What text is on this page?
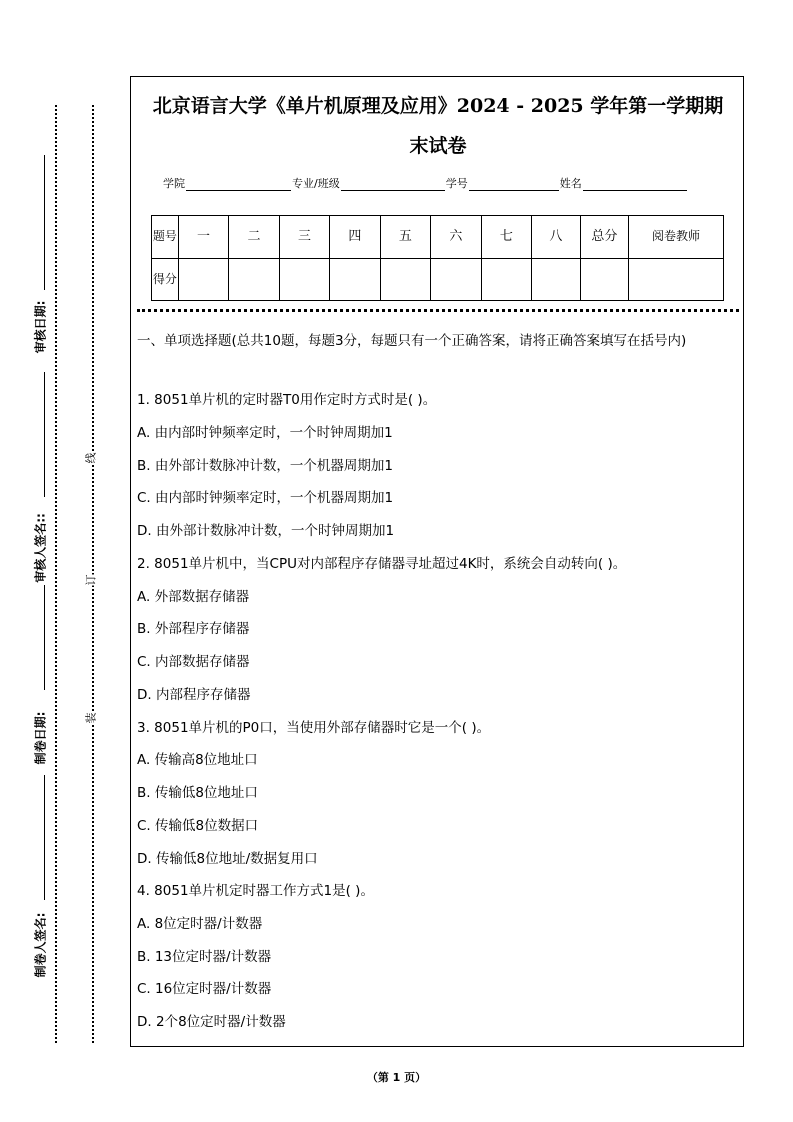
审核日期:
审核人签名::
制卷日期:
制卷人签名:
线
订
装
北京语言大学《单片机原理及应用》2024 - 2025 学年第一学期期
末试卷
学院	专业/班级	学号	姓名
题号	一	二	三	四	五	六	七	八	总分	阅卷教师
得分										
一、单项选择题(总共10题，每题3分，每题只有一个正确答案，请将正确答案填写在括号内)
1. 8051单片机的定时器T0用作定时方式时是( )。
A. 由内部时钟频率定时，一个时钟周期加1
B. 由外部计数脉冲计数，一个机器周期加1
C. 由内部时钟频率定时，一个机器周期加1
D. 由外部计数脉冲计数，一个时钟周期加1
2. 8051单片机中，当CPU对内部程序存储器寻址超过4K时，系统会自动转向( )。
A. 外部数据存储器
B. 外部程序存储器
C. 内部数据存储器
D. 内部程序存储器
3. 8051单片机的P0口，当使用外部存储器时它是一个( )。
A. 传输高8位地址口
B. 传输低8位地址口
C. 传输低8位数据口
D. 传输低8位地址/数据复用口
4. 8051单片机定时器工作方式1是( )。
A. 8位定时器/计数器
B. 13位定时器/计数器
C. 16位定时器/计数器
D. 2个8位定时器/计数器
（第 1 页）
